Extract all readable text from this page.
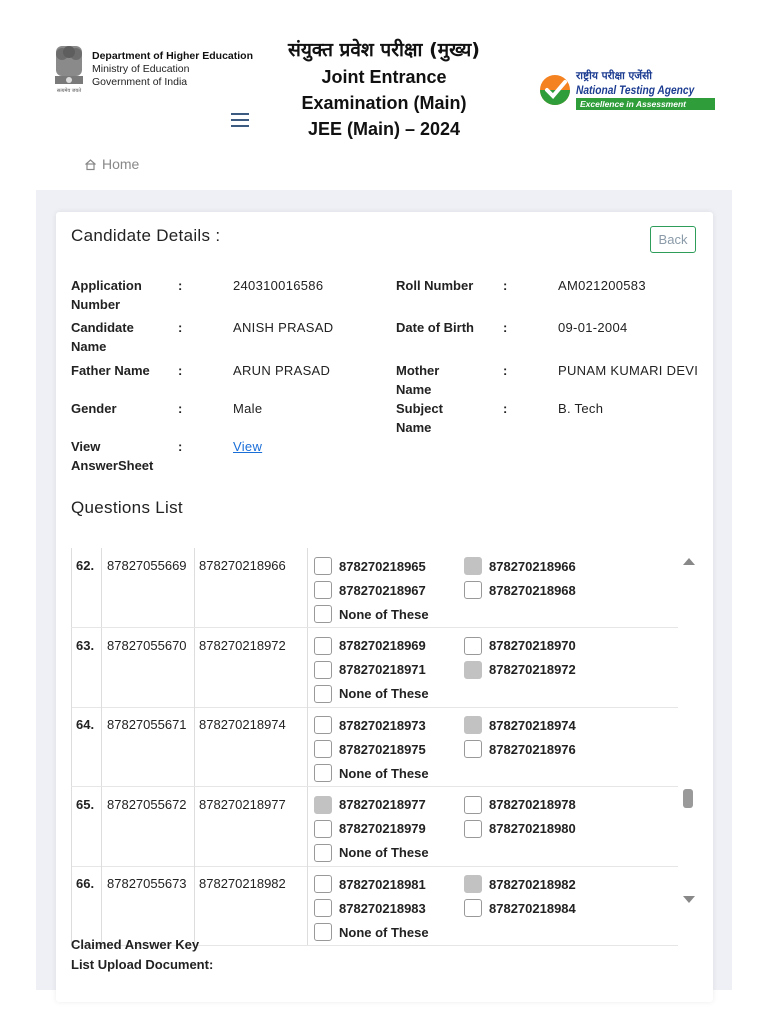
सत्यमेव जयते
Department of Higher Education
Ministry of Education
Government of India
संयुक्त प्रवेश परीक्षा (मुख्य)
Joint Entrance
Examination (Main)
JEE (Main) – 2024
राष्ट्रीय परीक्षा एजेंसी
National Testing Agency
Excellence in Assessment
Home
Candidate Details :	Back
Application
Number
:	240310016586	Roll Number :	AM021200583
Candidate
Name
:	ANISH PRASAD	Date of Birth :	09-01-2004
Father Name :	ARUN PRASAD	Mother
Name
:	PUNAM KUMARI DEVI
Gender	:	Male	Subject
Name
:	B. Tech
View
AnswerSheet
:	View
Questions List
62. 87827055669 878270218966	878270218965	878270218966
878270218967	878270218968
None of These
63. 87827055670 878270218972	878270218969	878270218970
878270218971	878270218972
None of These
64. 87827055671 878270218974	878270218973	878270218974
878270218975	878270218976
None of These
65. 87827055672 878270218977	878270218977	878270218978
878270218979	878270218980
None of These
66. 87827055673 878270218982	878270218981	878270218982
878270218983	878270218984
None of These
Claimed Answer Key
List Upload Document:
